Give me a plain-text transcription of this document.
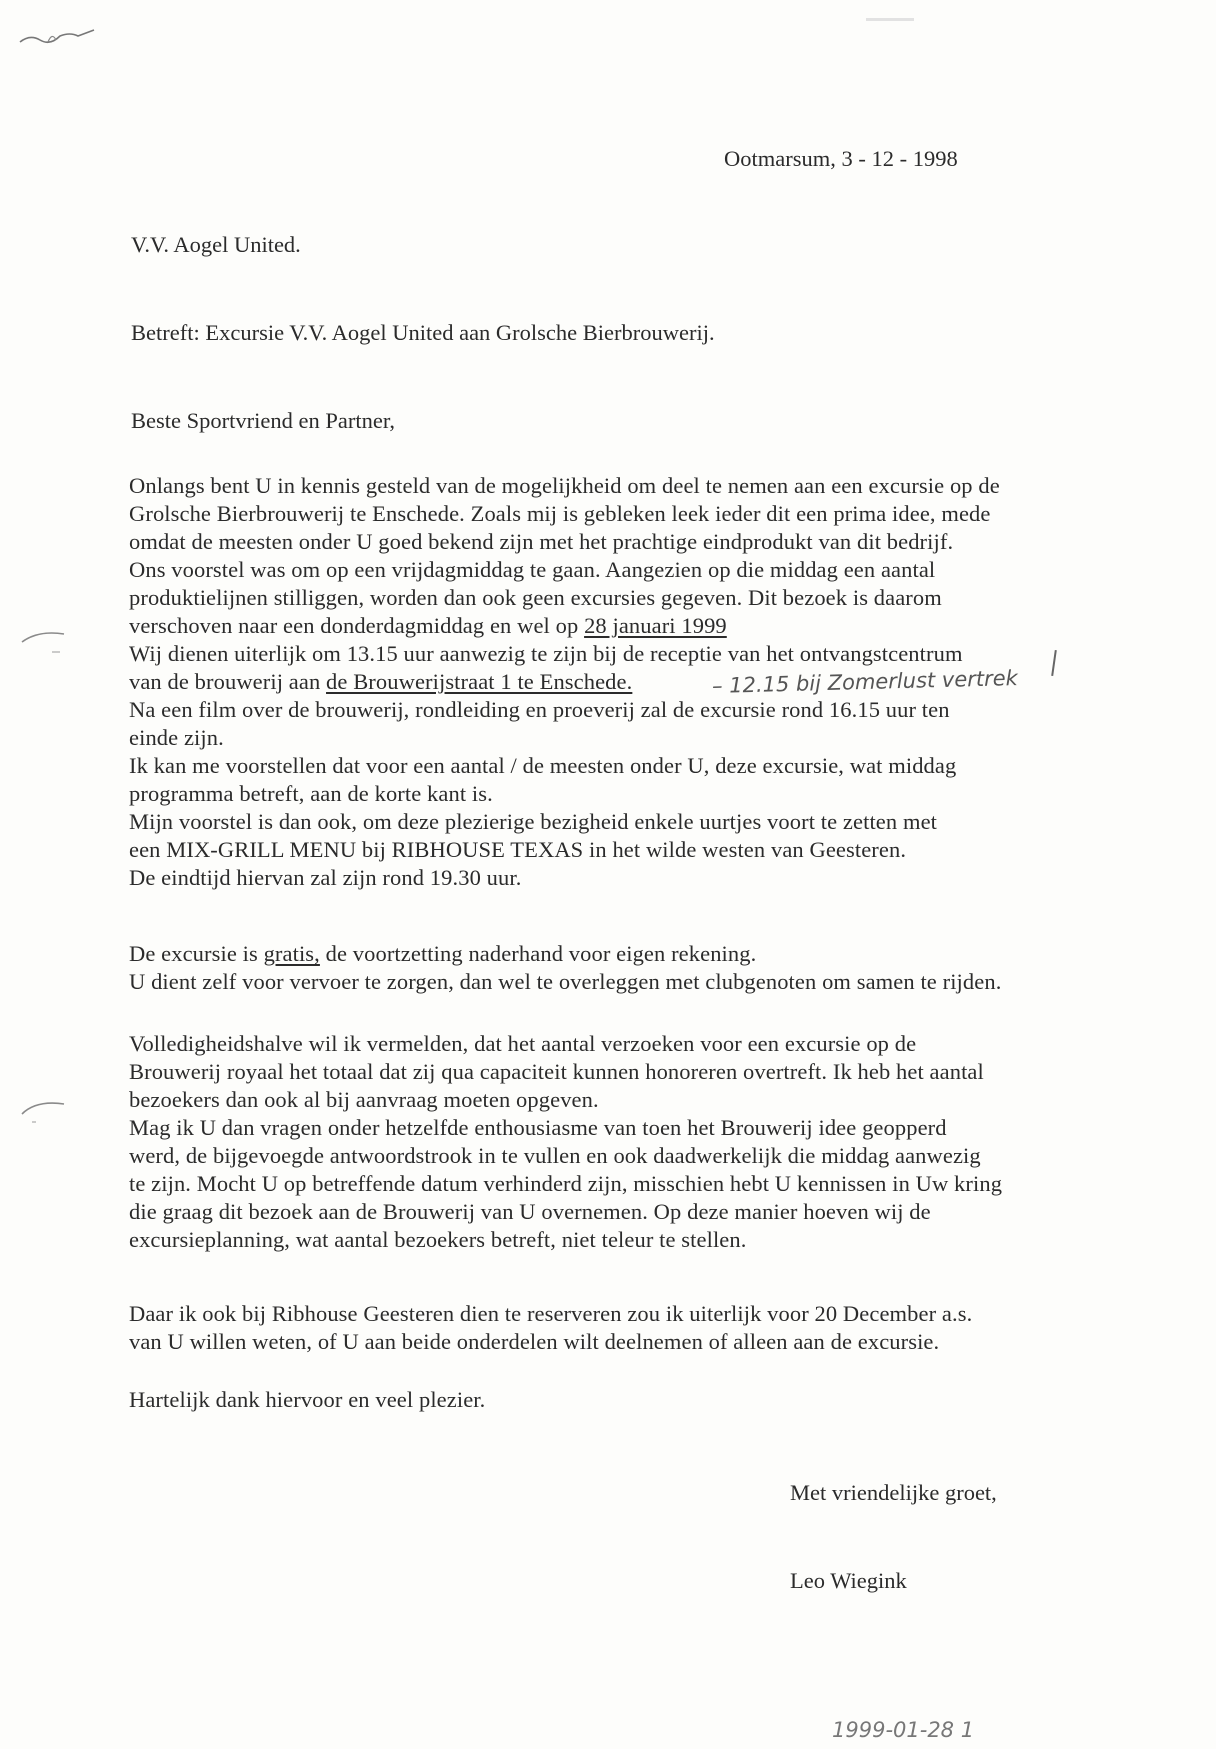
Ootmarsum, 3 - 12 - 1998
V.V. Aogel United.
Betreft: Excursie V.V. Aogel United aan Grolsche Bierbrouwerij.
Beste Sportvriend en Partner,
Onlangs bent U in kennis gesteld van de mogelijkheid om deel te nemen aan een excursie op de
Grolsche Bierbrouwerij te Enschede. Zoals mij is gebleken leek ieder dit een prima idee, mede
omdat de meesten onder U goed bekend zijn met het prachtige eindprodukt van dit bedrijf.
Ons voorstel was om op een vrijdagmiddag te gaan. Aangezien op die middag een aantal
produktielijnen stilliggen, worden dan ook geen excursies gegeven. Dit bezoek is daarom
verschoven naar een donderdagmiddag en wel op 28 januari 1999
Wij dienen uiterlijk om 13.15 uur aanwezig te zijn bij de receptie van het ontvangstcentrum
van de brouwerij aan de Brouwerijstraat 1 te Enschede.
Na een film over de brouwerij, rondleiding en proeverij zal de excursie rond 16.15 uur ten
einde zijn.
Ik kan me voorstellen dat voor een aantal / de meesten onder U, deze excursie, wat middag
programma betreft, aan de korte kant is.
Mijn voorstel is dan ook, om deze plezierige bezigheid enkele uurtjes voort te zetten met
een MIX-GRILL MENU bij RIBHOUSE TEXAS in het wilde westen van Geesteren.
De eindtijd hiervan zal zijn rond 19.30 uur.
– 12.15 bij Zomerlust vertrek
De excursie is gratis, de voortzetting naderhand voor eigen rekening.
U dient zelf voor vervoer te zorgen, dan wel te overleggen met clubgenoten om samen te rijden.
Volledigheidshalve wil ik vermelden, dat het aantal verzoeken voor een excursie op de
Brouwerij royaal het totaal dat zij qua capaciteit kunnen honoreren overtreft. Ik heb het aantal
bezoekers dan ook al bij aanvraag moeten opgeven.
Mag ik U dan vragen onder hetzelfde enthousiasme van toen het Brouwerij idee geopperd
werd, de bijgevoegde antwoordstrook in te vullen en ook daadwerkelijk die middag aanwezig
te zijn. Mocht U op betreffende datum verhinderd zijn, misschien hebt U kennissen in Uw kring
die graag dit bezoek aan de Brouwerij van U overnemen. Op deze manier hoeven wij de
excursieplanning, wat aantal bezoekers betreft, niet teleur te stellen.
Daar ik ook bij Ribhouse Geesteren dien te reserveren zou ik uiterlijk voor 20 December a.s.
van U willen weten, of U aan beide onderdelen wilt deelnemen of alleen aan de excursie.
Hartelijk dank hiervoor en veel plezier.
Met vriendelijke groet,
Leo Wiegink
1999-01-28 1
